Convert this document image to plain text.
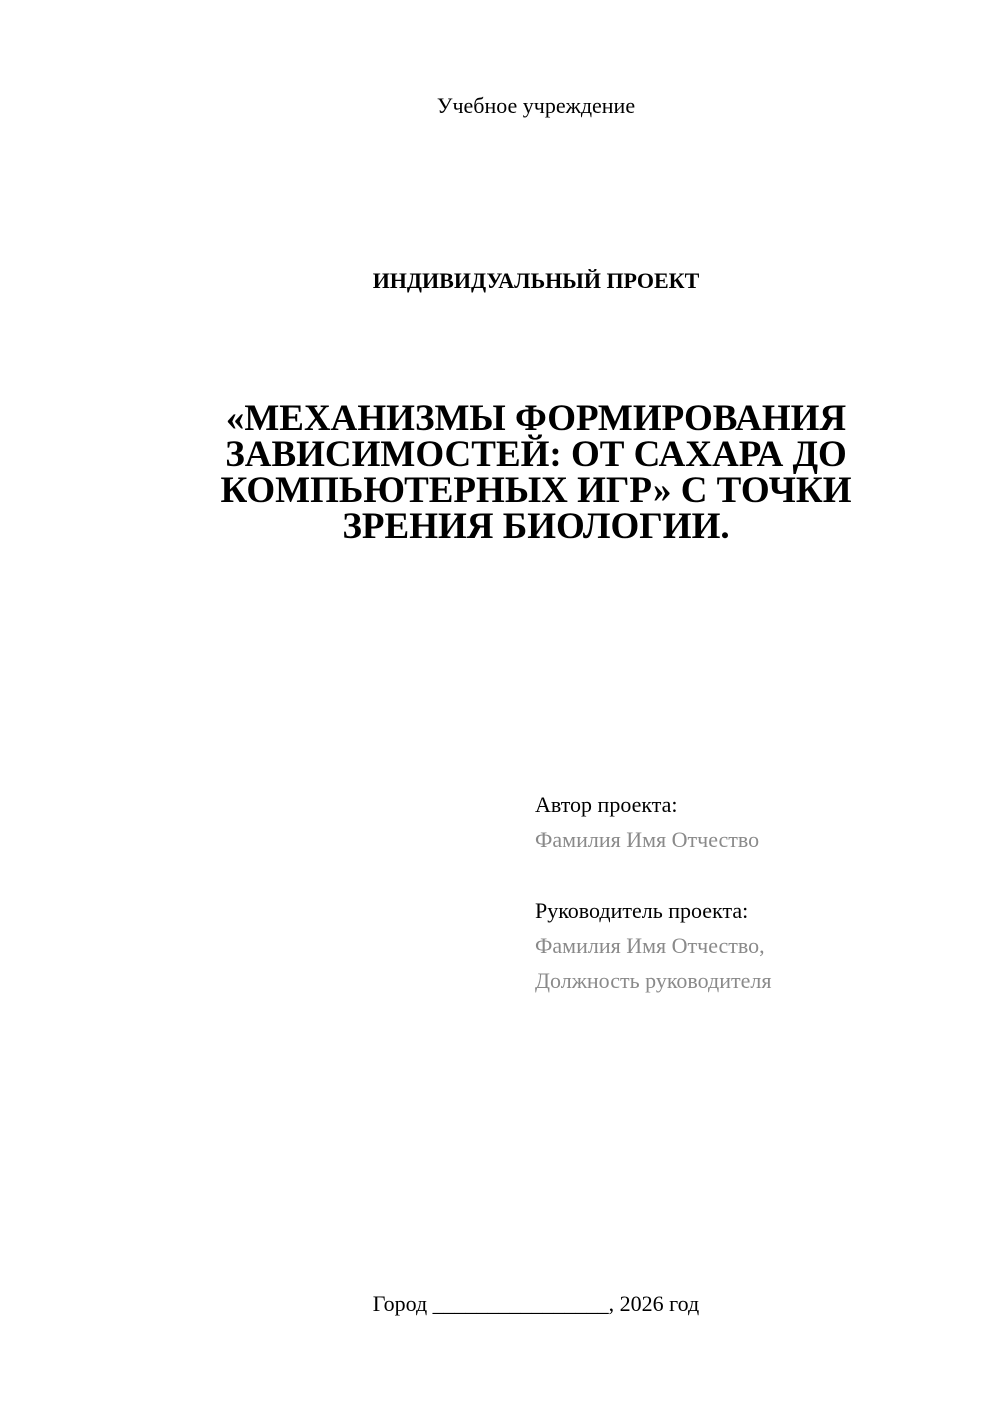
Учебное учреждение
ИНДИВИДУАЛЬНЫЙ ПРОЕКТ
«МЕХАНИЗМЫ ФОРМИРОВАНИЯ
ЗАВИСИМОСТЕЙ: ОТ САХАРА ДО
КОМПЬЮТЕРНЫХ ИГР» С ТОЧКИ
ЗРЕНИЯ БИОЛОГИИ.
Автор проекта:
Фамилия Имя Отчество
Руководитель проекта:
Фамилия Имя Отчество,
Должность руководителя
Город ________________, 2026 год
